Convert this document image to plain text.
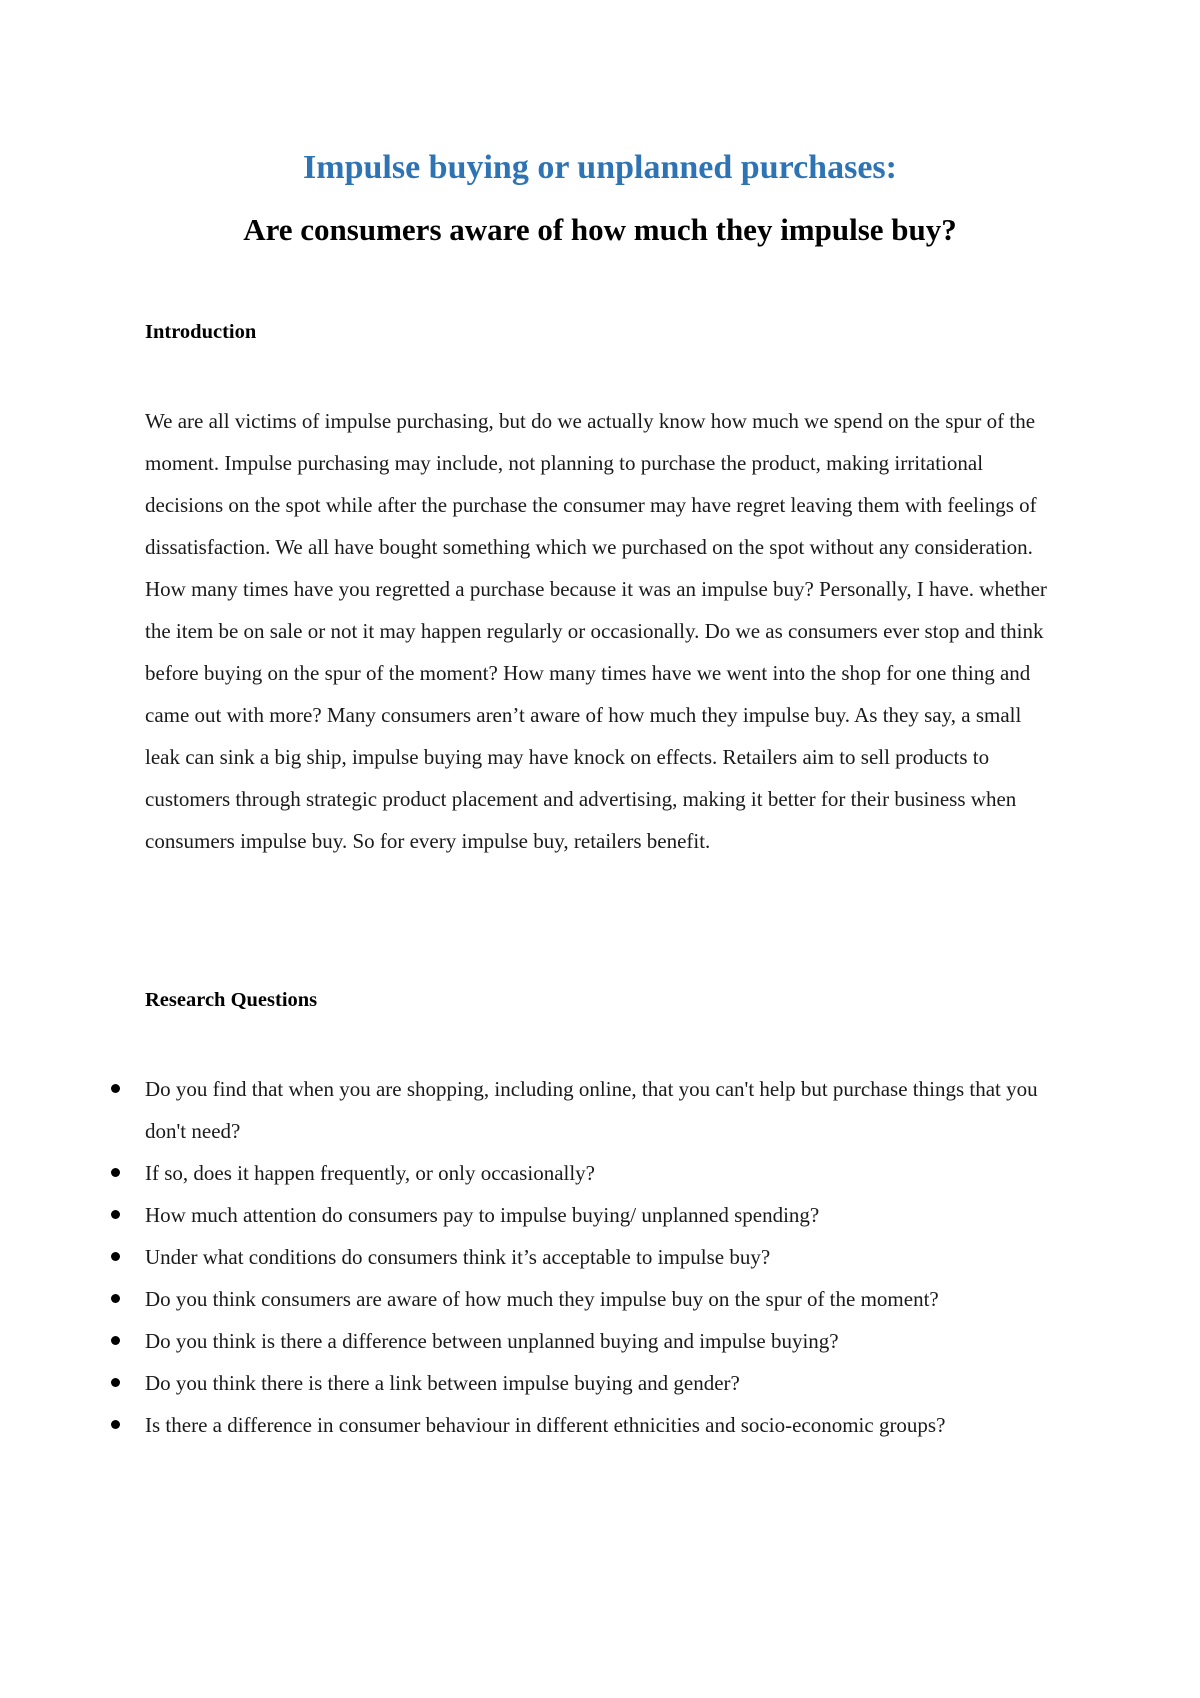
Impulse buying or unplanned purchases:
Are consumers aware of how much they impulse buy?
Introduction
We are all victims of impulse purchasing, but do we actually know how much we spend on the spur of the moment. Impulse purchasing may include, not planning to purchase the product, making irritational decisions on the spot while after the purchase the consumer may have regret leaving them with feelings of dissatisfaction. We all have bought something which we purchased on the spot without any consideration. How many times have you regretted a purchase because it was an impulse buy? Personally, I have. whether the item be on sale or not it may happen regularly or occasionally. Do we as consumers ever stop and think before buying on the spur of the moment? How many times have we went into the shop for one thing and came out with more? Many consumers aren’t aware of how much they impulse buy. As they say, a small leak can sink a big ship, impulse buying may have knock on effects. Retailers aim to sell products to customers through strategic product placement and advertising, making it better for their business when consumers impulse buy. So for every impulse buy, retailers benefit.
Research Questions
Do you find that when you are shopping, including online, that you can't help but purchase things that you don't need?
If so, does it happen frequently, or only occasionally?
How much attention do consumers pay to impulse buying/ unplanned spending?
Under what conditions do consumers think it’s acceptable to impulse buy?
Do you think consumers are aware of how much they impulse buy on the spur of the moment?
Do you think is there a difference between unplanned buying and impulse buying?
Do you think there is there a link between impulse buying and gender?
Is there a difference in consumer behaviour in different ethnicities and socio-economic groups?
